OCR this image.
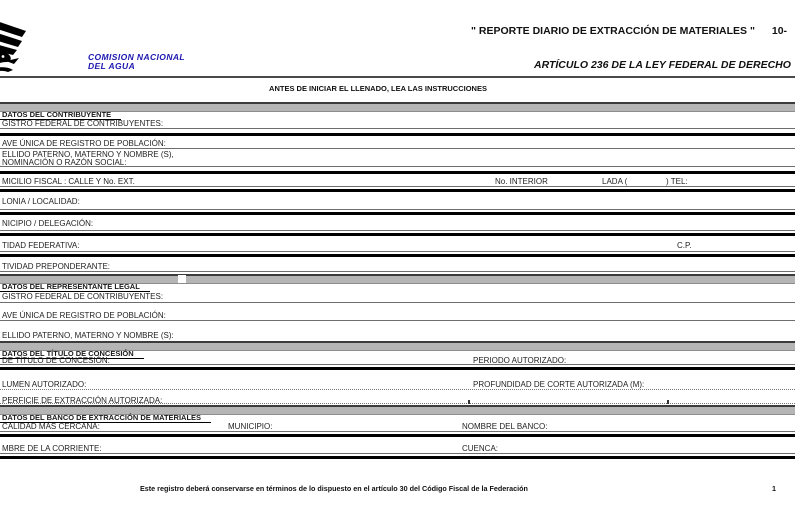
COMISION NACIONAL
DEL AGUA
" REPORTE DIARIO DE EXTRACCIÓN DE MATERIALES " 10-
ARTÍCULO 236 DE LA LEY FEDERAL DE DERECHO
ANTES DE INICIAR EL LLENADO, LEA LAS INSTRUCCIONES
DATOS DEL CONTRIBUYENTE
GISTRO FEDERAL DE CONTRIBUYENTES:
AVE ÚNICA DE REGISTRO DE POBLACIÓN:
ELLIDO PATERNO, MATERNO Y NOMBRE (S),
NOMINACIÓN O RAZÓN SOCIAL:
MICILIO FISCAL : CALLE Y No. EXT.	No. INTERIOR	LADA (	) TEL:
LONIA / LOCALIDAD:
NICIPIO / DELEGACIÓN:
TIDAD FEDERATIVA:	C.P.
TIVIDAD PREPONDERANTE:
DATOS DEL REPRESENTANTE LEGAL
GISTRO FEDERAL DE CONTRIBUYENTES:
AVE ÚNICA DE REGISTRO DE POBLACIÓN:
ELLIDO PATERNO, MATERNO Y NOMBRE (S):
DATOS DEL TÍTULO DE CONCESIÓN
DE TÍTULO DE CONCESIÓN:	PERIODO AUTORIZADO:
LUMEN AUTORIZADO:	PROFUNDIDAD DE CORTE AUTORIZADA (M):
PERFICIE DE EXTRACCIÓN AUTORIZADA:
DATOS DEL BANCO DE EXTRACCIÓN DE MATERIALES
CALIDAD MÁS CERCANA:	MUNICIPIO:	NOMBRE DEL BANCO:
MBRE DE LA CORRIENTE:	CUENCA:
Este registro deberá conservarse en términos de lo dispuesto en el artículo 30 del Código Fiscal de la Federación	1
